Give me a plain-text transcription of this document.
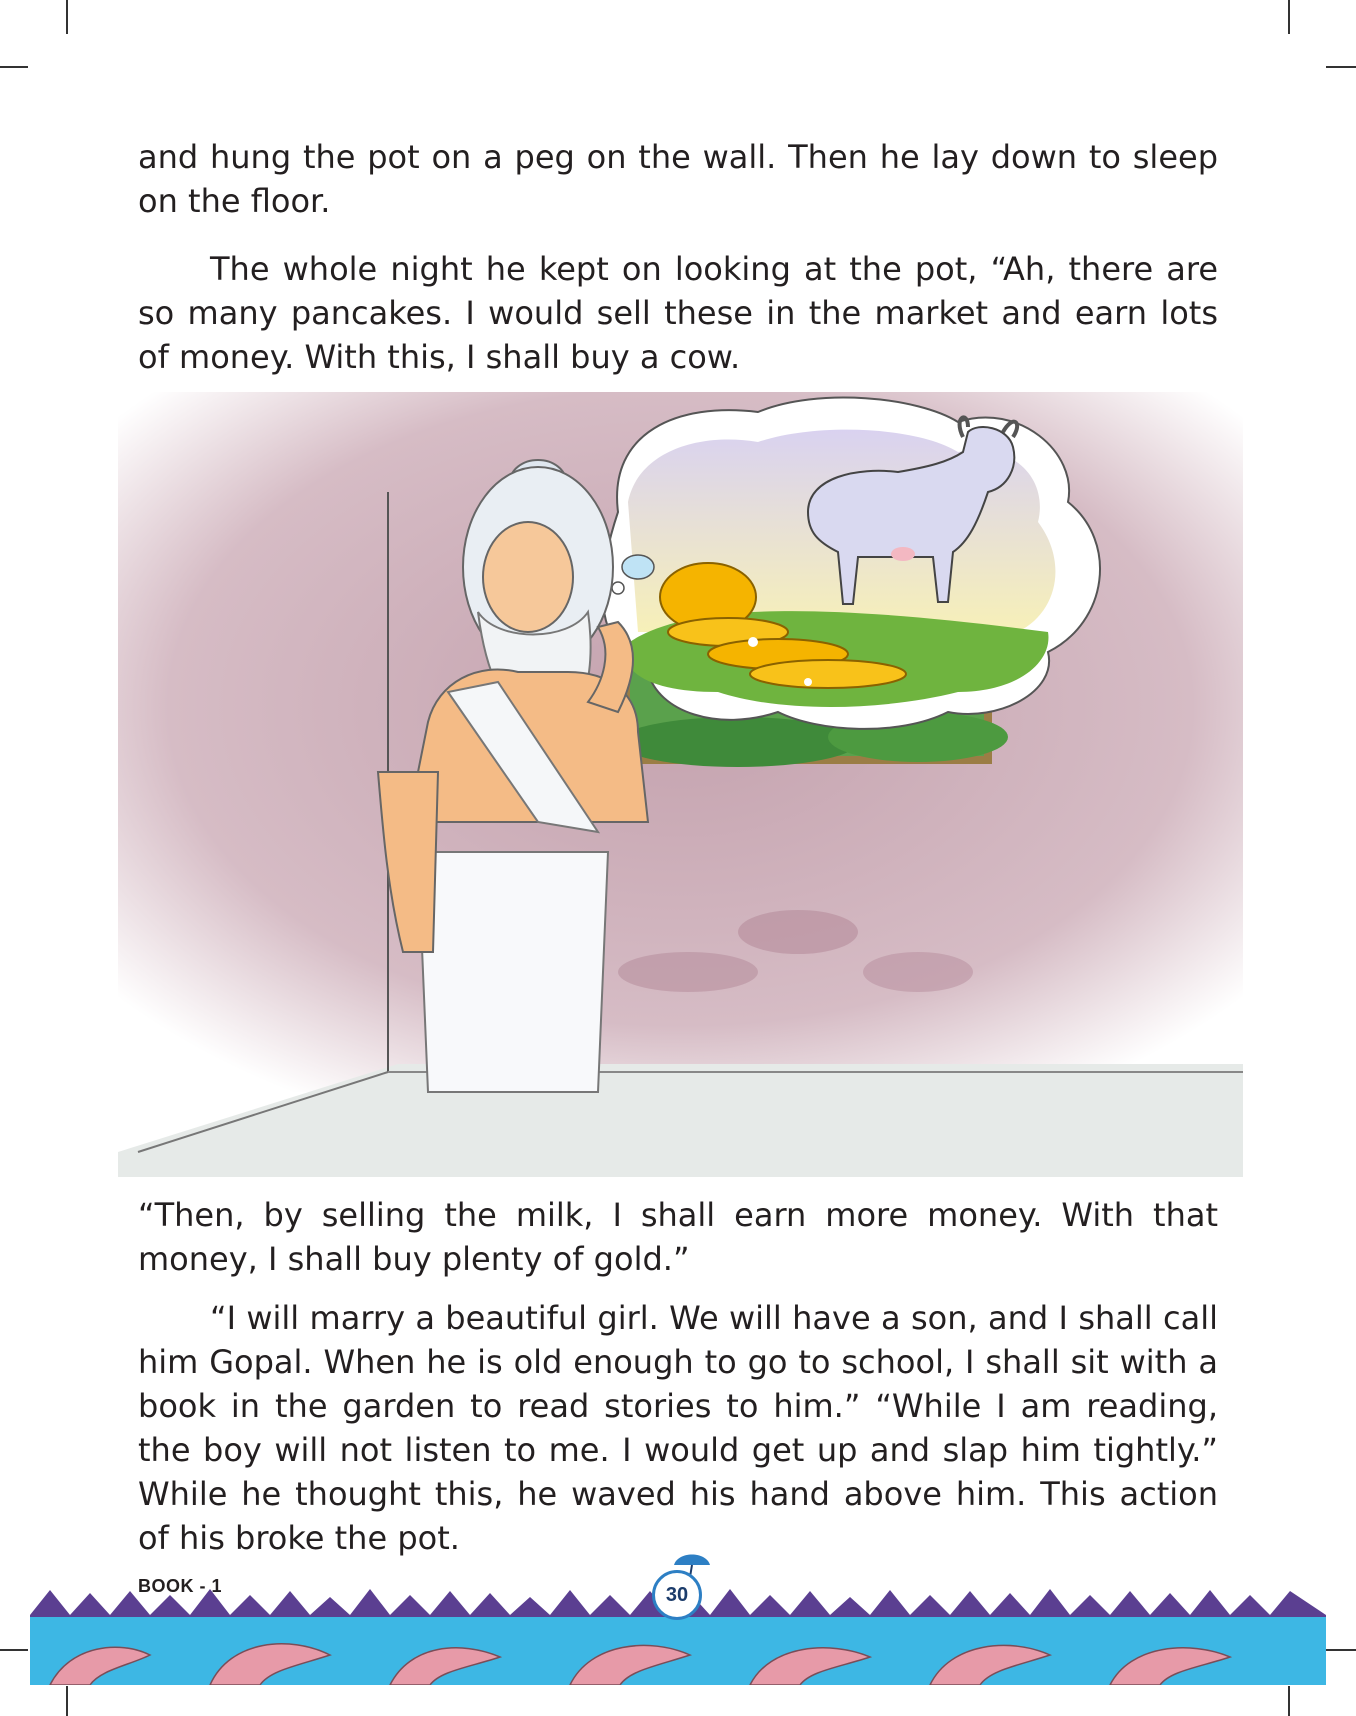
and hung the pot on a peg on the wall. Then he lay down to sleep on the floor.

The whole night he kept on looking at the pot, “Ah, there are so many pancakes. I would sell these in the market and earn lots of money. With this, I shall buy a cow.

“Then, by selling the milk, I shall earn more money. With that money, I shall buy plenty of gold.”

“I will marry a beautiful girl. We will have a son, and I shall call him Gopal. When he is old enough to go to school, I shall sit with a book in the garden to read stories to him.” “While I am reading, the boy will not listen to me. I would get up and slap him tightly.” While he thought this, he waved his hand above him. This action of his broke the pot.

BOOK - 1	30
